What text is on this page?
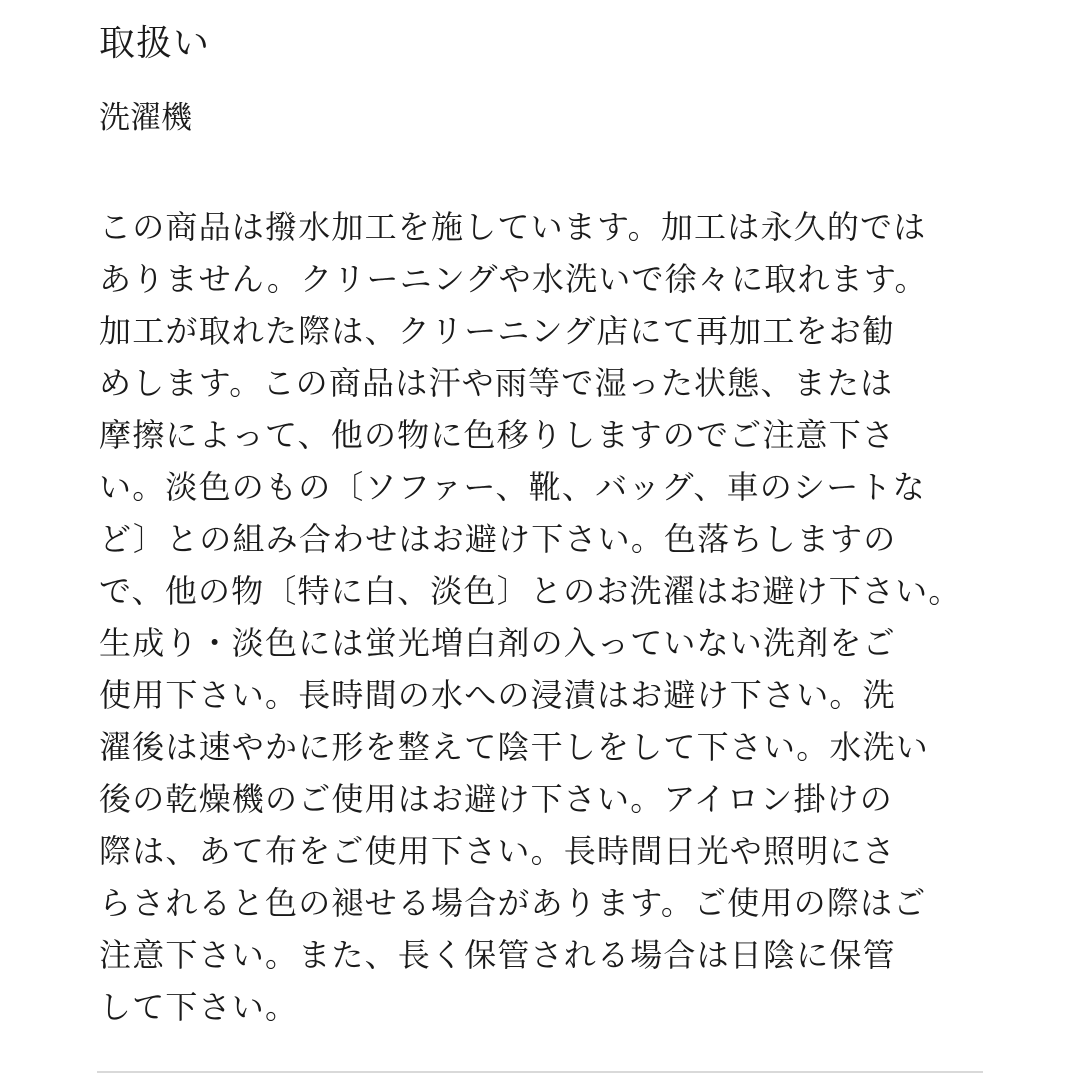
取扱い
洗濯機
この商品は撥水加工を施しています。加工は永久的では
ありません。クリーニングや水洗いで徐々に取れます。
加工が取れた際は、クリーニング店にて再加工をお勧
めします。この商品は汗や雨等で湿った状態、または
摩擦によって、他の物に色移りしますのでご注意下さ
い。淡色のもの〔ソファー、靴、バッグ、車のシートな
ど〕との組み合わせはお避け下さい。色落ちしますの
で、他の物〔特に白、淡色〕とのお洗濯はお避け下さい。
生成り・淡色には蛍光増白剤の入っていない洗剤をご
使用下さい。長時間の水への浸漬はお避け下さい。洗
濯後は速やかに形を整えて陰干しをして下さい。水洗い
後の乾燥機のご使用はお避け下さい。アイロン掛けの
際は、あて布をご使用下さい。長時間日光や照明にさ
らされると色の褪せる場合があります。ご使用の際はご
注意下さい。また、長く保管される場合は日陰に保管
して下さい。
